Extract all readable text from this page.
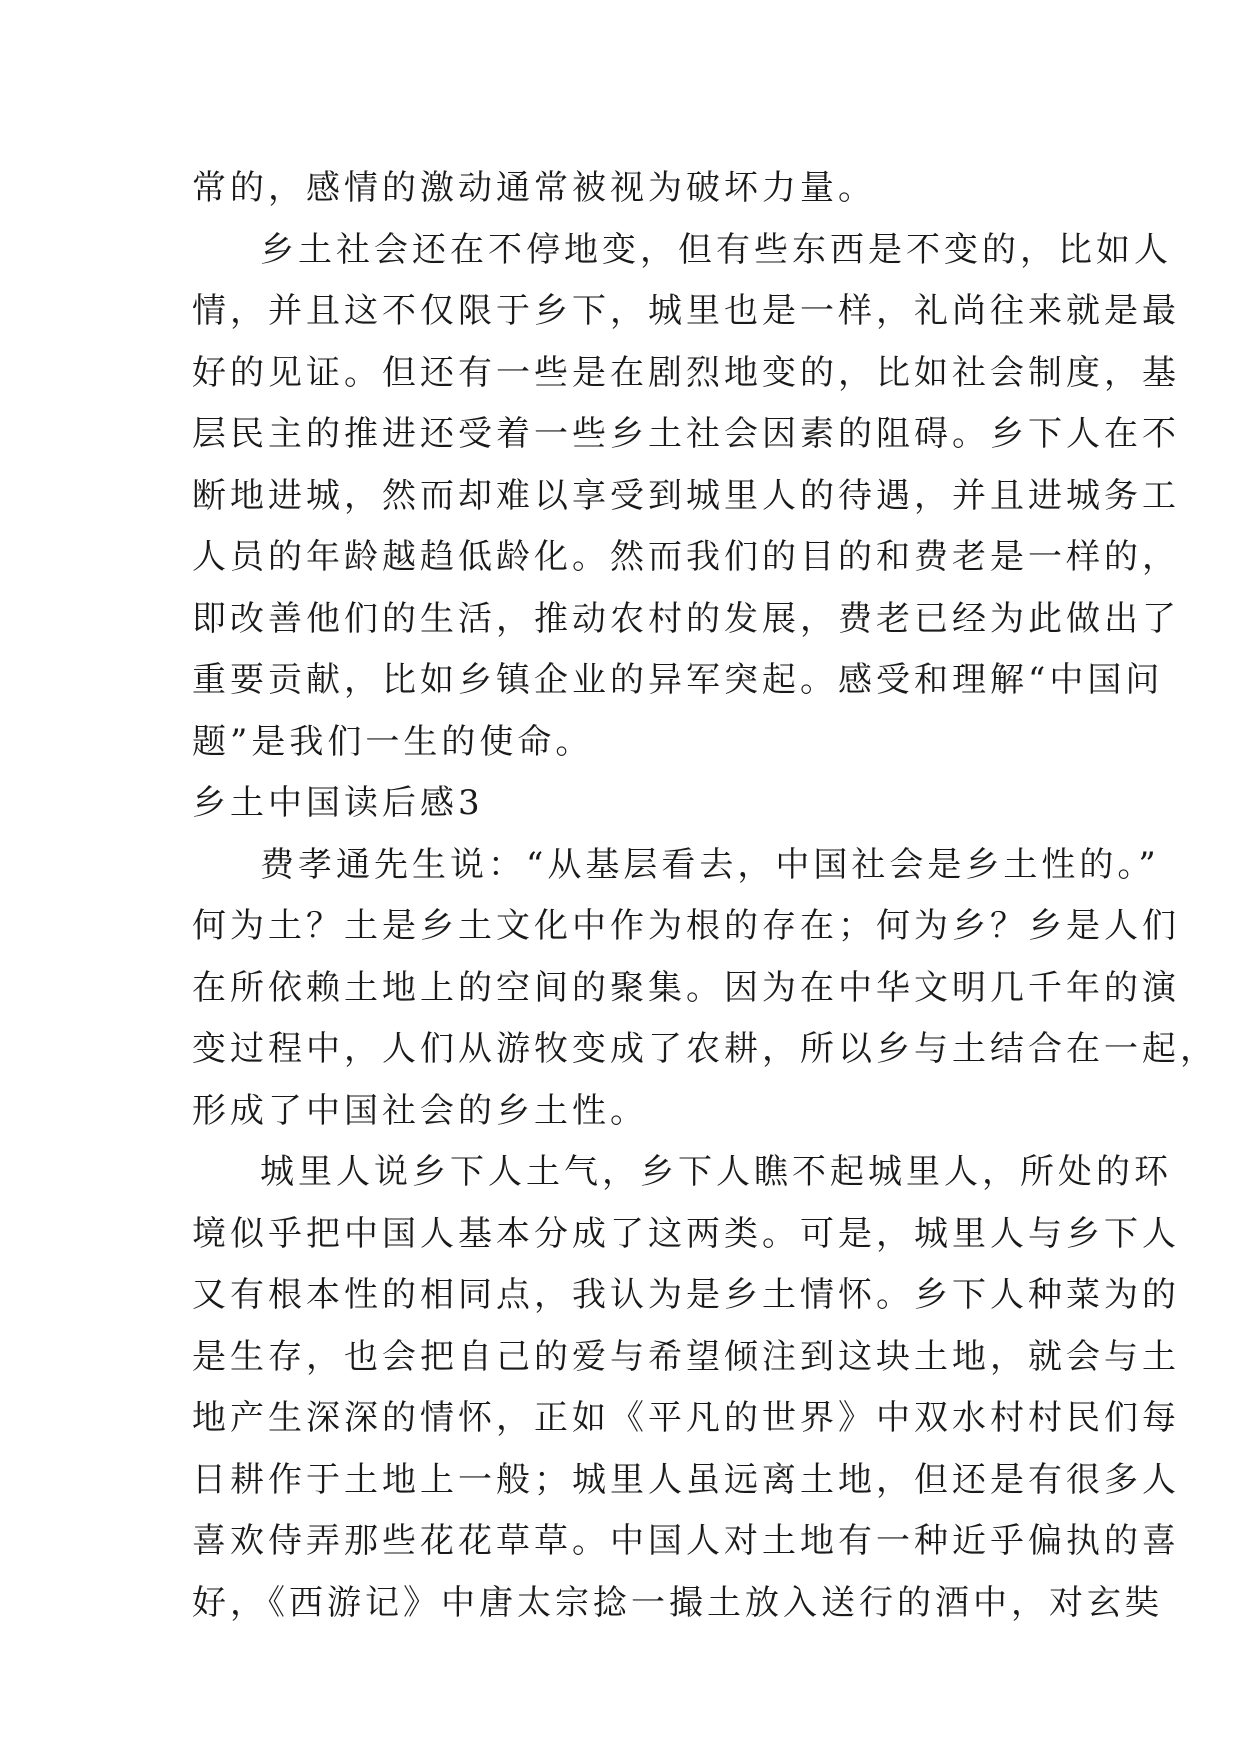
常的，感情的激动通常被视为破坏力量。
乡土社会还在不停地变，但有些东西是不变的，比如人
情，并且这不仅限于乡下，城里也是一样，礼尚往来就是最
好的见证。但还有一些是在剧烈地变的，比如社会制度，基
层民主的推进还受着一些乡土社会因素的阻碍。乡下人在不
断地进城，然而却难以享受到城里人的待遇，并且进城务工
人员的年龄越趋低龄化。然而我们的目的和费老是一样的，
即改善他们的生活，推动农村的发展，费老已经为此做出了
重要贡献，比如乡镇企业的异军突起。感受和理解“中国问
题”是我们一生的使命。
乡土中国读后感3
费孝通先生说：“从基层看去，中国社会是乡土性的。”
何为土？土是乡土文化中作为根的存在；何为乡？乡是人们
在所依赖土地上的空间的聚集。因为在中华文明几千年的演
变过程中，人们从游牧变成了农耕，所以乡与土结合在一起，
形成了中国社会的乡土性。
城里人说乡下人土气，乡下人瞧不起城里人，所处的环
境似乎把中国人基本分成了这两类。可是，城里人与乡下人
又有根本性的相同点，我认为是乡土情怀。乡下人种菜为的
是生存，也会把自己的爱与希望倾注到这块土地，就会与土
地产生深深的情怀，正如《平凡的世界》中双水村村民们每
日耕作于土地上一般；城里人虽远离土地，但还是有很多人
喜欢侍弄那些花花草草。中国人对土地有一种近乎偏执的喜
好，《西游记》中唐太宗捻一撮土放入送行的酒中，对玄奘
